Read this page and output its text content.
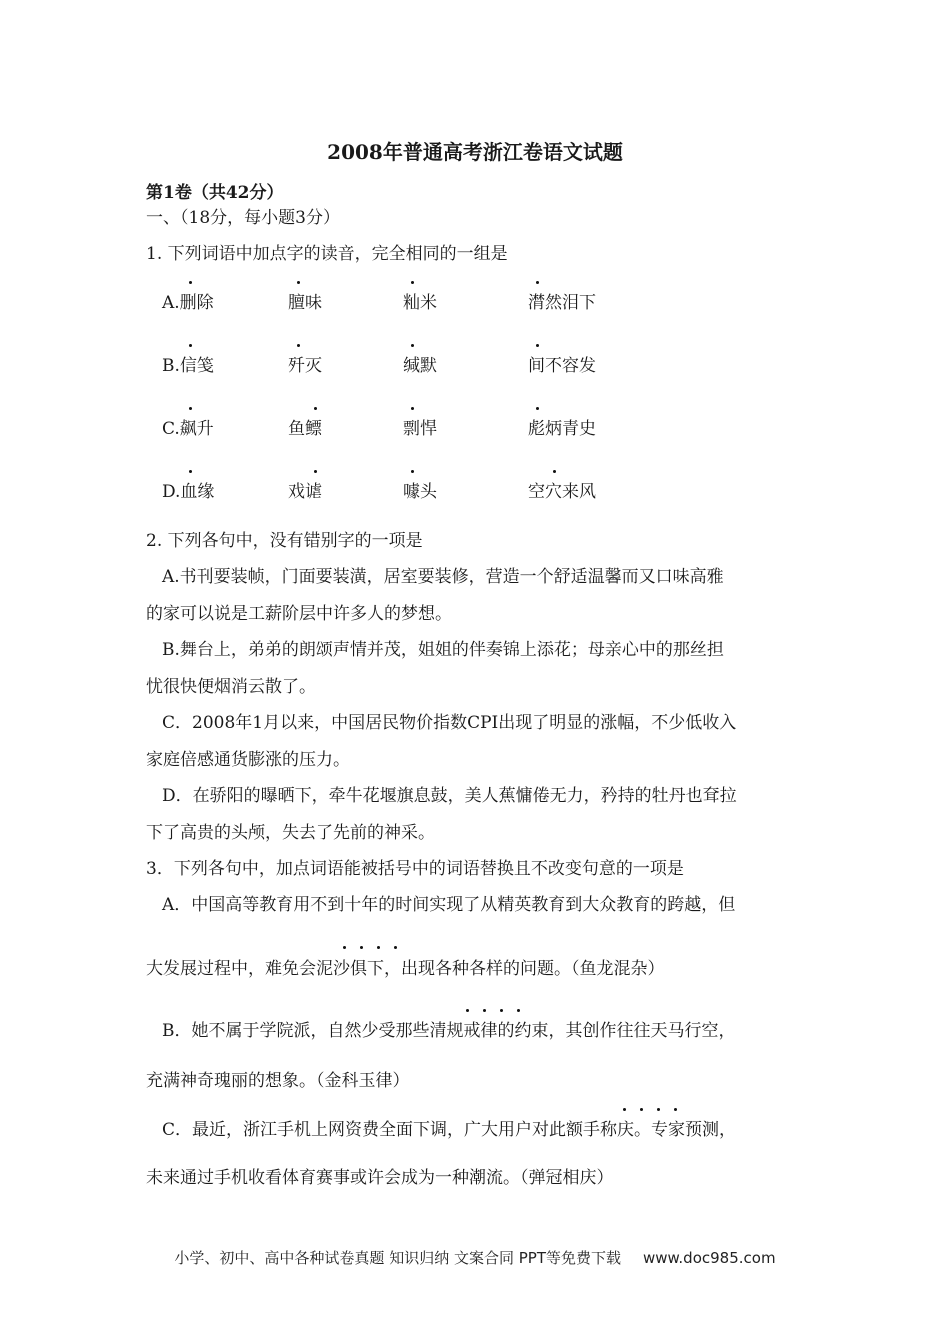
2008年普通高考浙江卷语文试题
第1卷（共42分）
一、（18分，每小题3分）
1. 下列词语中加点字的读音，完全相同的一组是
A.删除	膻味	籼米	潸然泪下
B.信笺	歼灭	缄默	间不容发
C.飙升	鱼鳔	剽悍	彪炳青史
D.血缘	戏谑	噱头	空穴来风
2. 下列各句中，没有错别字的一项是
A.书刊要装帧，门面要装潢，居室要装修，营造一个舒适温馨而又口味高雅
的家可以说是工薪阶层中许多人的梦想。
B.舞台上，弟弟的朗颂声情并茂，姐姐的伴奏锦上添花；母亲心中的那丝担
忧很快便烟消云散了。
C．2008年1月以来，中国居民物价指数CPI出现了明显的涨幅，不少低收入
家庭倍感通货膨涨的压力。
D．在骄阳的曝晒下，牵牛花堰旗息鼓，美人蕉慵倦无力，矜持的牡丹也耷拉
下了高贵的头颅，失去了先前的神采。
3．下列各句中，加点词语能被括号中的词语替换且不改变句意的一项是
A．中国高等教育用不到十年的时间实现了从精英教育到大众教育的跨越，但
大发展过程中，难免会泥沙俱下，出现各种各样的问题。（鱼龙混杂）
B．她不属于学院派，自然少受那些清规戒律的约束，其创作往往天马行空，
充满神奇瑰丽的想象。（金科玉律）
C．最近，浙江手机上网资费全面下调，广大用户对此额手称庆。专家预测，
未来通过手机收看体育赛事或许会成为一种潮流。（弹冠相庆）
小学、初中、高中各种试卷真题 知识归纳 文案合同 PPT等免费下载 www.doc985.com
